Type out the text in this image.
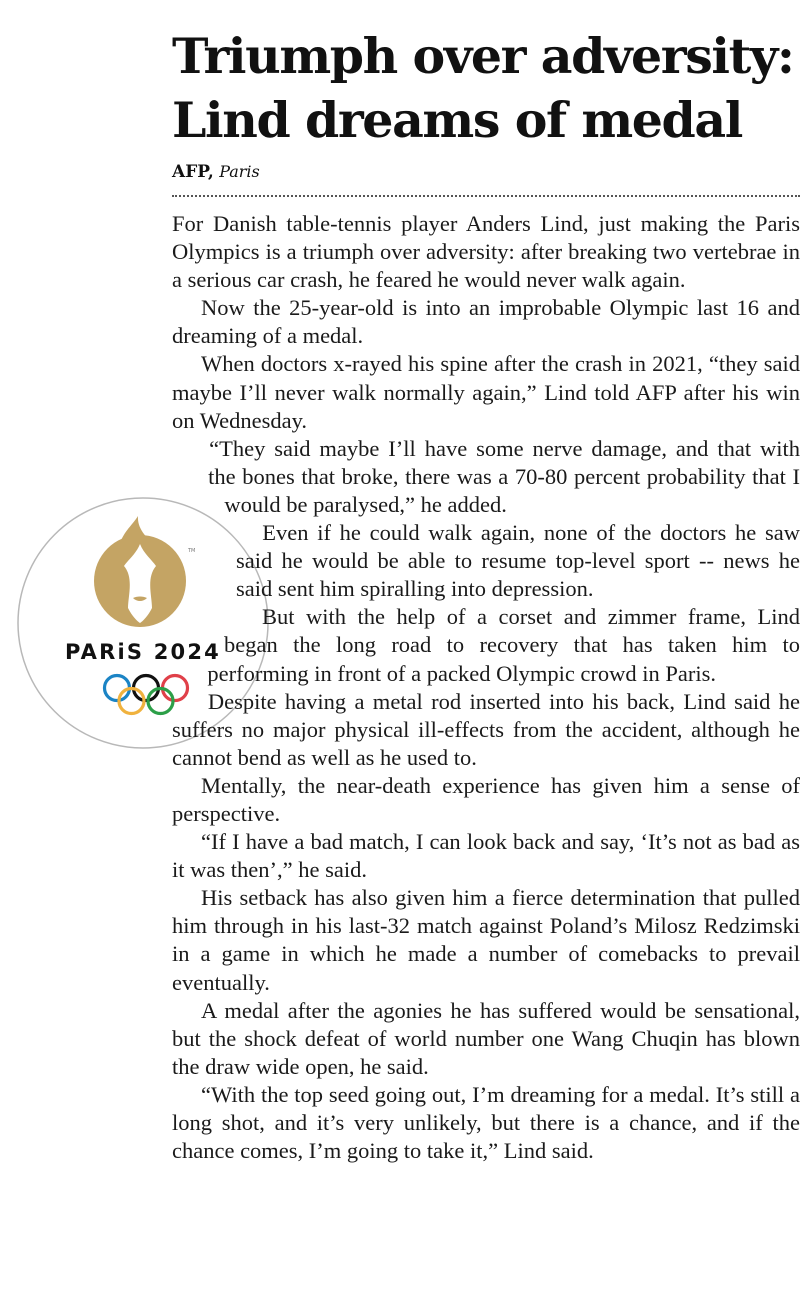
Triumph over adversity:
Lind dreams of medal
AFP, Paris
TM
PARiS 2024

For Danish table-tennis player Anders Lind, just making the Paris Olympics is a triumph over adversity: after breaking two vertebrae in a serious car crash, he feared he would never walk again.

Now the 25-year-old is into an improbable Olympic last 16 and dreaming of a medal.

When doctors x-rayed his spine after the crash in 2021, “they said maybe I’ll never walk normally again,” Lind told AFP after his win on Wednesday.

“They said maybe I’ll have some nerve damage, and that with the bones that broke, there was a 70-80 percent probability that I would be paralysed,” he added.

Even if he could walk again, none of the doctors he saw said he would be able to resume top-level sport -- news he said sent him spiralling into depression.

But with the help of a corset and zimmer frame, Lind began the long road to recovery that has taken him to performing in front of a packed Olympic crowd in Paris.

Despite having a metal rod inserted into his back, Lind said he suffers no major physical ill-effects from the accident, although he cannot bend as well as he used to.

Mentally, the near-death experience has given him a sense of perspective.

“If I have a bad match, I can look back and say, ‘It’s not as bad as it was then’,” he said.

His setback has also given him a fierce determination that pulled him through in his last-32 match against Poland’s Milosz Redzimski in a game in which he made a number of comebacks to prevail eventually.

A medal after the agonies he has suffered would be sensational, but the shock defeat of world number one Wang Chuqin has blown the draw wide open, he said.

“With the top seed going out, I’m dreaming for a medal. It’s still a long shot, and it’s very unlikely, but there is a chance, and if the chance comes, I’m going to take it,” Lind said.
